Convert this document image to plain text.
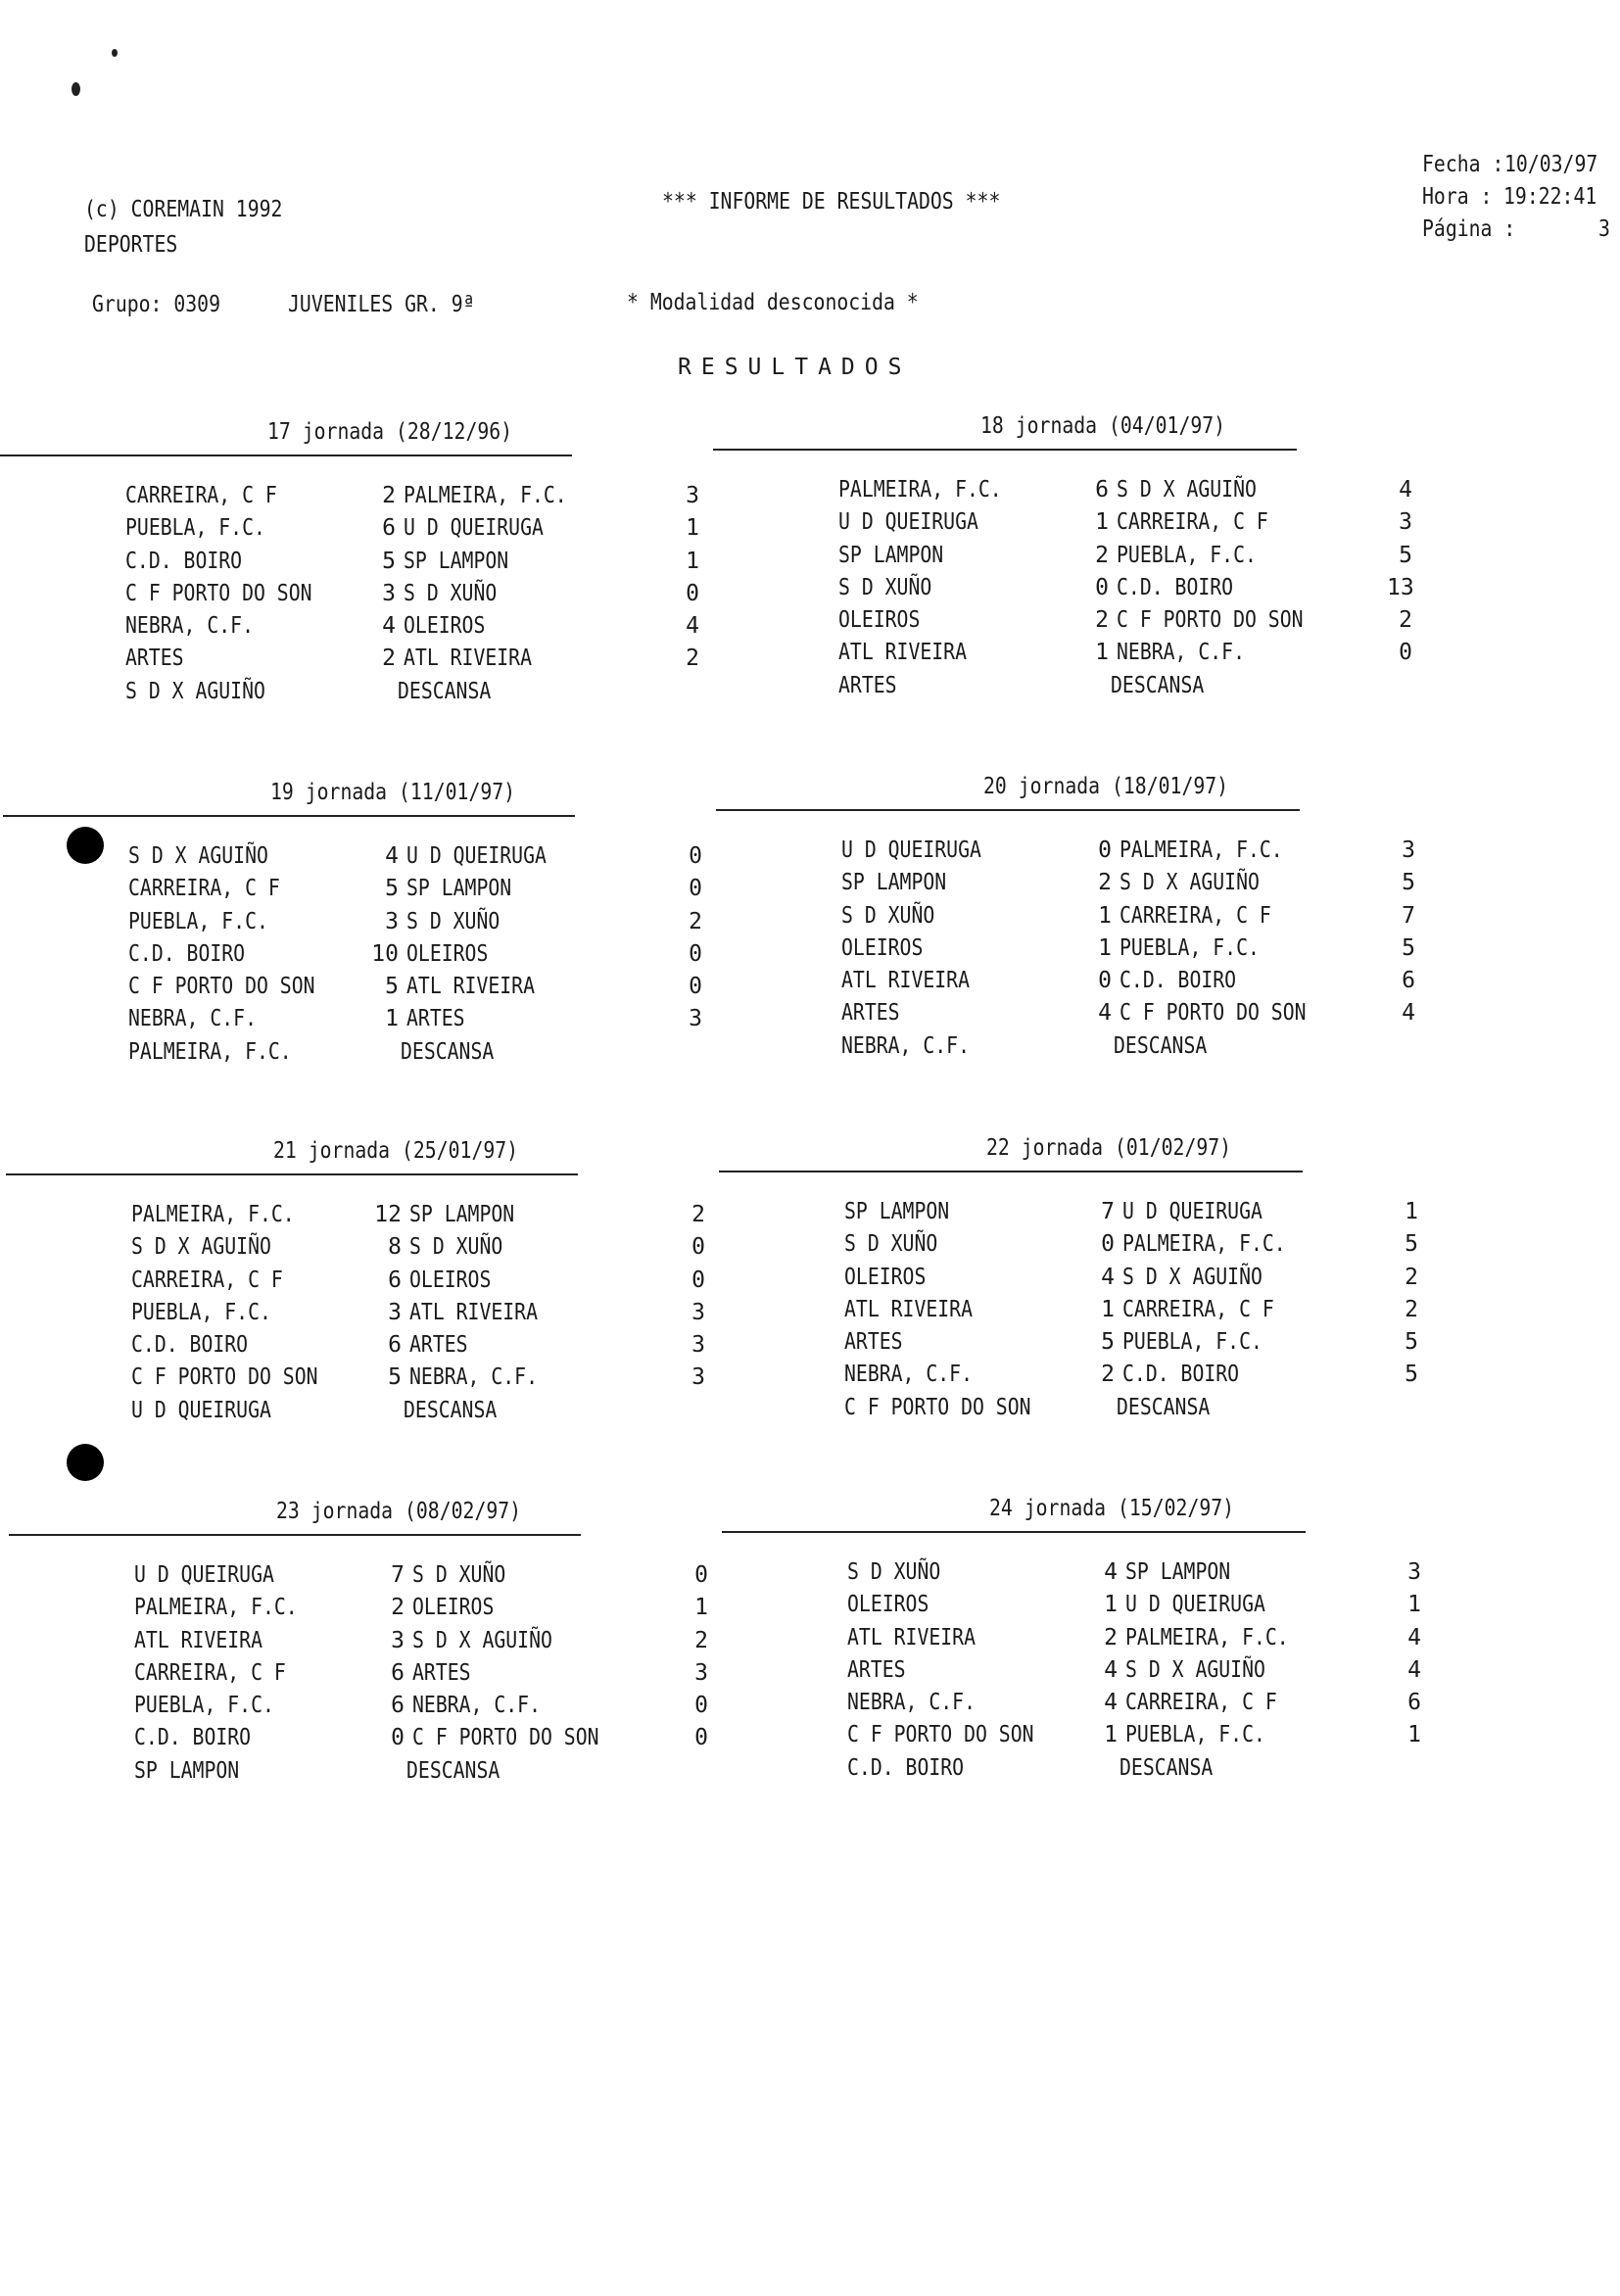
(c) COREMAIN 1992
DEPORTES
*** INFORME DE RESULTADOS ***
Fecha : 10/03/97
Hora : 19:22:41
Página :	3
Grupo: 0309	JUVENILES GR. 9ª	* Modalidad desconocida *
RESULTADOS
17 jornada (28/12/96)
CARREIRA, C F	2 PALMEIRA, F.C.	3
PUEBLA, F.C.	6 U D QUEIRUGA	1
C.D. BOIRO	5 SP LAMPON	1
C F PORTO DO SON	3 S D XUÑO	0
NEBRA, C.F.	4 OLEIROS	4
ARTES	2 ATL RIVEIRA	2
S D X AGUIÑO	DESCANSA
18 jornada (04/01/97)
PALMEIRA, F.C.	6 S D X AGUIÑO	4
U D QUEIRUGA	1 CARREIRA, C F	3
SP LAMPON	2 PUEBLA, F.C.	5
S D XUÑO	0 C.D. BOIRO	13
OLEIROS	2 C F PORTO DO SON	2
ATL RIVEIRA	1 NEBRA, C.F.	0
ARTES	DESCANSA
19 jornada (11/01/97)
S D X AGUIÑO	4 U D QUEIRUGA	0
CARREIRA, C F	5 SP LAMPON	0
PUEBLA, F.C.	3 S D XUÑO	2
C.D. BOIRO	10 OLEIROS	0
C F PORTO DO SON	5 ATL RIVEIRA	0
NEBRA, C.F.	1 ARTES	3
PALMEIRA, F.C.	DESCANSA
20 jornada (18/01/97)
U D QUEIRUGA	0 PALMEIRA, F.C.	3
SP LAMPON	2 S D X AGUIÑO	5
S D XUÑO	1 CARREIRA, C F	7
OLEIROS	1 PUEBLA, F.C.	5
ATL RIVEIRA	0 C.D. BOIRO	6
ARTES	4 C F PORTO DO SON	4
NEBRA, C.F.	DESCANSA
21 jornada (25/01/97)
PALMEIRA, F.C.	12 SP LAMPON	2
S D X AGUIÑO	8 S D XUÑO	0
CARREIRA, C F	6 OLEIROS	0
PUEBLA, F.C.	3 ATL RIVEIRA	3
C.D. BOIRO	6 ARTES	3
C F PORTO DO SON	5 NEBRA, C.F.	3
U D QUEIRUGA	DESCANSA
22 jornada (01/02/97)
SP LAMPON	7 U D QUEIRUGA	1
S D XUÑO	0 PALMEIRA, F.C.	5
OLEIROS	4 S D X AGUIÑO	2
ATL RIVEIRA	1 CARREIRA, C F	2
ARTES	5 PUEBLA, F.C.	5
NEBRA, C.F.	2 C.D. BOIRO	5
C F PORTO DO SON	DESCANSA
23 jornada (08/02/97)
U D QUEIRUGA	7 S D XUÑO	0
PALMEIRA, F.C.	2 OLEIROS	1
ATL RIVEIRA	3 S D X AGUIÑO	2
CARREIRA, C F	6 ARTES	3
PUEBLA, F.C.	6 NEBRA, C.F.	0
C.D. BOIRO	0 C F PORTO DO SON	0
SP LAMPON	DESCANSA
24 jornada (15/02/97)
S D XUÑO	4 SP LAMPON	3
OLEIROS	1 U D QUEIRUGA	1
ATL RIVEIRA	2 PALMEIRA, F.C.	4
ARTES	4 S D X AGUIÑO	4
NEBRA, C.F.	4 CARREIRA, C F	6
C F PORTO DO SON	1 PUEBLA, F.C.	1
C.D. BOIRO	DESCANSA
